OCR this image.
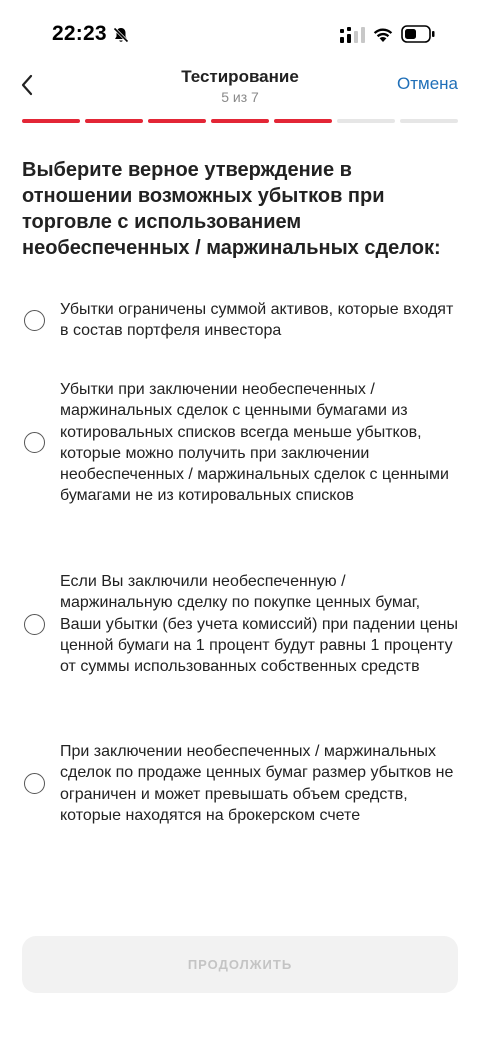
22:23
Тестирование
5 из 7
Отмена
Выберите верное утверждение в отношении возможных убытков при торговле с использованием необеспеченных / маржинальных сделок:
Убытки ограничены суммой активов, которые входят в состав портфеля инвестора
Убытки при заключении необеспеченных / маржинальных сделок с ценными бумагами из котировальных списков всегда меньше убытков, которые можно получить при заключении необеспеченных / маржинальных сделок с ценными бумагами не из котировальных списков
Если Вы заключили необеспеченную / маржинальную сделку по покупке ценных бумаг, Ваши убытки (без учета комиссий) при падении цены ценной бумаги на 1 процент будут равны 1 проценту от суммы использованных собственных средств
При заключении необеспеченных / маржинальных сделок по продаже ценных бумаг размер убытков не ограничен и может превышать объем средств, которые находятся на брокерском счете
ПРОДОЛЖИТЬ
